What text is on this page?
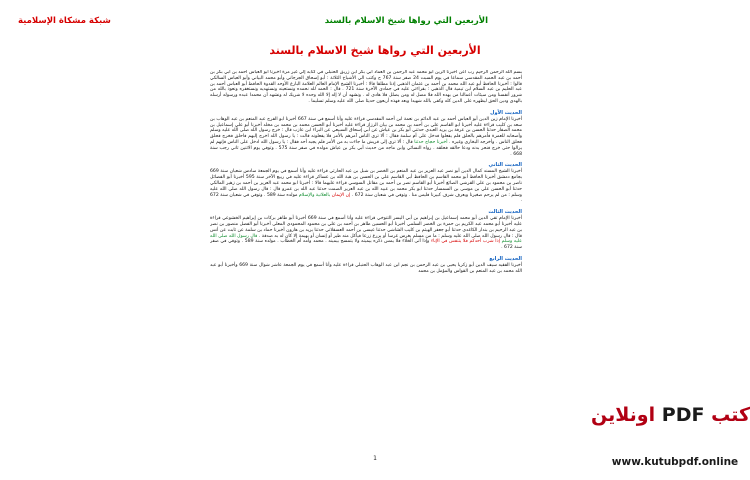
الأربعين التي رواها شيخ الاسلام بالسند
شبكة مشكاة الإسلامية
الأربعين التي رواها شيخ الاسلام بالسند

بسم الله الرحمن الرحيم رب أعن أخبرنا الزين أبو محمد عبد الرحمن بن العماد ابي بكر ابن زريق الحنبلي في كتابه إلي غير مرة أخبرنا ابو العباس أحمد بن ابي بكر بن أحمد بن عبد الحميد المقدسي سماعا في يوم السبت 24 صفر سنة 767 ح وكتب الي الأشياخ الثلاثة : أبو إسحاق الجرجاني وأبو محمد البياني وأبو العباس السالكي قالوا : أخبرنا الحافظ أبو عبد الله محمد بن أحمد بن عثمان الذهبي إذنا مطلقا قالا : أخبرنا الشيخ الإمام العالم العلامة البارع الأوحد القدوة الحافظ أبو العباس أحمد بن عبد الحليم بن عبد السلام ابن تيمية قال الذهبي : بقراءتي عليه في جمادى الآخرة سنة 721 . قال : الحمد لله نحمده ونستعينه ونستهديه ونستغفره ونعوذ بالله من شرور أنفسنا ومن سيئات أعمالنا من يهده الله فلا مضل له ومن يضلل فلا هادي له . ونشهد أن لا إله إلا الله وحده لا شريك له ونشهد أن محمدا عبده ورسوله أرسله بالهدى ودين الحق ليظهره على الدين كله وكفى بالله شهيدا وبعد فهذه أربعون حديثا صلى الله عليه وسلم تسليما .

الحديث الأول

أخبرنا الإمام زين الدين أبو العباس أحمد بن عبد الدائم بن نعمة ابن أحمد المقدسي قراءة عليه وأنا أسمع في سنة 667 أخبرنا ابو الفرج عبد المنعم بن عبد الوهاب بن سعد بن كليب قراءة عليه أخبرنا ابو القاسم علي بن أحمد بن محمد بن بيان الرزاز قراءة عليه أخبرنا أبو الحسن محمد بن محمد بن مخلد أخبرنا أبو علي إسماعيل بن محمد الصفار حدثنا الحسن بن عرفة بن يزيد العبدي حدثني أبو بكر بن عياش عن أبي إسحاق السبيعي عن البراء ابن عازب قال : خرج رسول الله صلى الله عليه وسلم وأصحابه للعمرة فأمرهم بالحلق فلم يفعلوا فدخل على أم سلمة فقال : ألا ترى الناس آمرهم بالأمر فلا يفعلونه قالت : يا رسول الله اخرج إليهم فاحلق فخرج فحلق فحلق الناس . وأخرجه البخاري وغيره . أخبرنا حجاج حدثنا قال : ألا ترى إلى قريش ما جاءت به من الأمر فلم يجبه أحد فقال : يا رسول الله ادخل على الناس فإنهم لم يزالوا حتى خرج فنحر بدنه ودعا حالقه فحلقه . رواه النسائي وابن ماجه من حديث أبي بكر بن عياش مولده في صفر سنة 575 . وتوفي يوم الاثنين ثاني رجب سنة 668 .

الحديث الثاني

أخبرنا الشيخ المسند كمال الدين أبو نصر عبد العزيز بن عبد المنعم بن الخضر بن شبل بن عبد الحارثي قراءة عليه وأنا أسمع في يوم الجمعة سادس شعبان سنة 669 بجامع دمشق أخبرنا الحافظ أبو محمد القاسم بن الحافظ أبي القاسم علي بن الحسن بن هبة الله بن عساكر قراءة عليه في ربيع الآخر سنة 595 أخبرنا أبو الفضائل ناصر بن محمود بن علي القرشي الصائغ أخبرنا أبو القاسم نصر بن أحمد بن مقاتل السوسي قراءة عليهما قالا : أخبرنا ابو محمد عبد العزيز بن أحمد بن زهير المالكي حدثنا أبو الحسن علي بن موسى بن السمسار حدثنا ابو بكر محمد بن عبيد الله بن عبد العزيز الصمت حدثنا عبد الله بن عمرو قال : قال رسول الله صلى الله عليه وسلم : من لم يرحم صغيرنا ويعرف شرف كبيرنا فليس منا . وتوفي في شعبان سنة 672 . إن الإيمان بالعلانية والإسلام مولده سنة 589 . وتوفي في شعبان سنة 672 .

الحديث الثالث

أخبرنا الإمام تقي الدين أبو محمد إسماعيل بن إبراهيم بن أبي اليسر التنوخي قراءة عليه وأنا أسمع في سنة 669 أخبرنا أبو طاهر بركات بن إبراهيم الخشوعي قراءة عليه أخبرنا أبو محمد عبد الكريم بن حمزة بن الخضر السلمي أخبرنا أبو الحسين طاهر بن أحمد بن علي بن محمود المحمودي المعلى أخبرنا أبو الفضل منصور بن نصر بن عبد الرحيم بن بندار الكاغدي حدثنا أبو جعفر الهيثم بن كليب الشاشي حدثنا عيسى بن أحمد العسقلاني حدثنا يزيد بن هارون أخبرنا حماد بن سلمة عن ثابت عن أنس قال : قال رسول الله صلى الله عليه وسلم : ما من مسلم يغرس غرسا أو يزرع زرعا فيأكل منه طير أو إنسان أو بهيمة إلا كان له به صدقة . قال رسول الله صلى الله عليه وسلم إذا شرب أحدكم فلا يتنفس في الإناء وإذا أتى الخلاء فلا يمس ذكره بيمينه ولا يتمسح بيمينه . محمد وأمه أم الخطاب . مولده سنة 589 . وتوفي في صفر سنة 672 .

الحديث الرابع

أخبرنا الفقيه سيف الدين أبو زكريا يحيى بن عبد الرحمن بن نجم ابن عبد الوهاب الحنبلي قراءة عليه وأنا أسمع في يوم الجمعة عاشر شوال سنة 669 وأخبرنا أبو عبد الله محمد بن عبد المنعم بن القواس والمؤمل بن محمد

1
كتب PDF اونلاين
www.kutubpdf.online
